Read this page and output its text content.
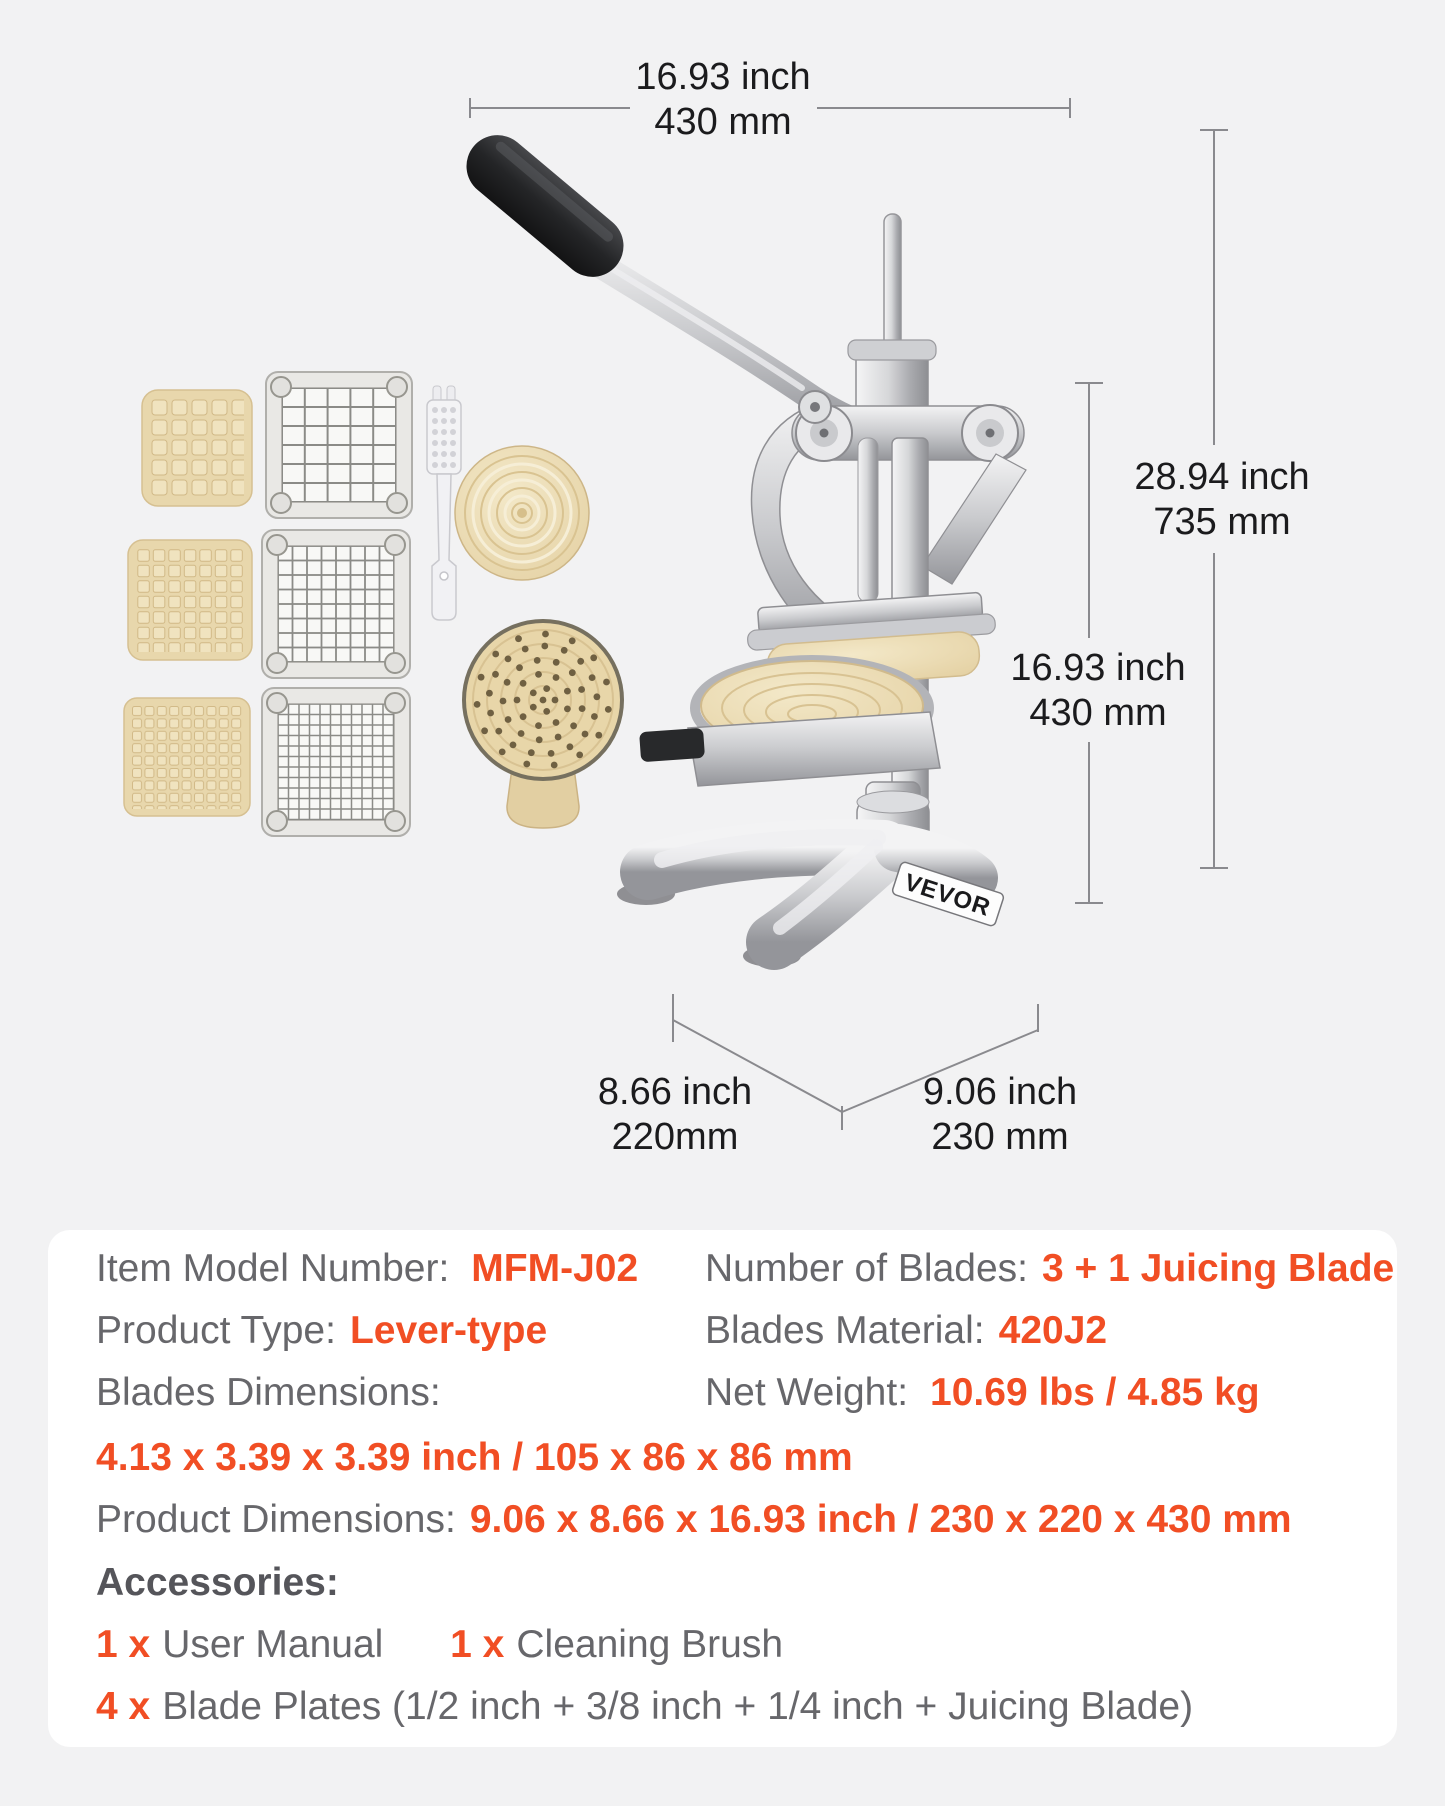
VEVOR
16.93 inch
430 mm
28.94 inch
735 mm
16.93 inch
430 mm
8.66 inch
220mm
9.06 inch
230 mm
Item Model Number: MFM-J02 Number of Blades: 3 + 1 Juicing Blade
Product Type: Lever-type	Blades Material: 420J2
Blades Dimensions:	Net Weight: 10.69 lbs / 4.85 kg
4.13 x 3.39 x 3.39 inch / 105 x 86 x 86 mm
Product Dimensions: 9.06 x 8.66 x 16.93 inch / 230 x 220 x 430 mm
Accessories:
1 x User Manual 1 x Cleaning Brush
4 x Blade Plates (1/2 inch + 3/8 inch + 1/4 inch + Juicing Blade)
